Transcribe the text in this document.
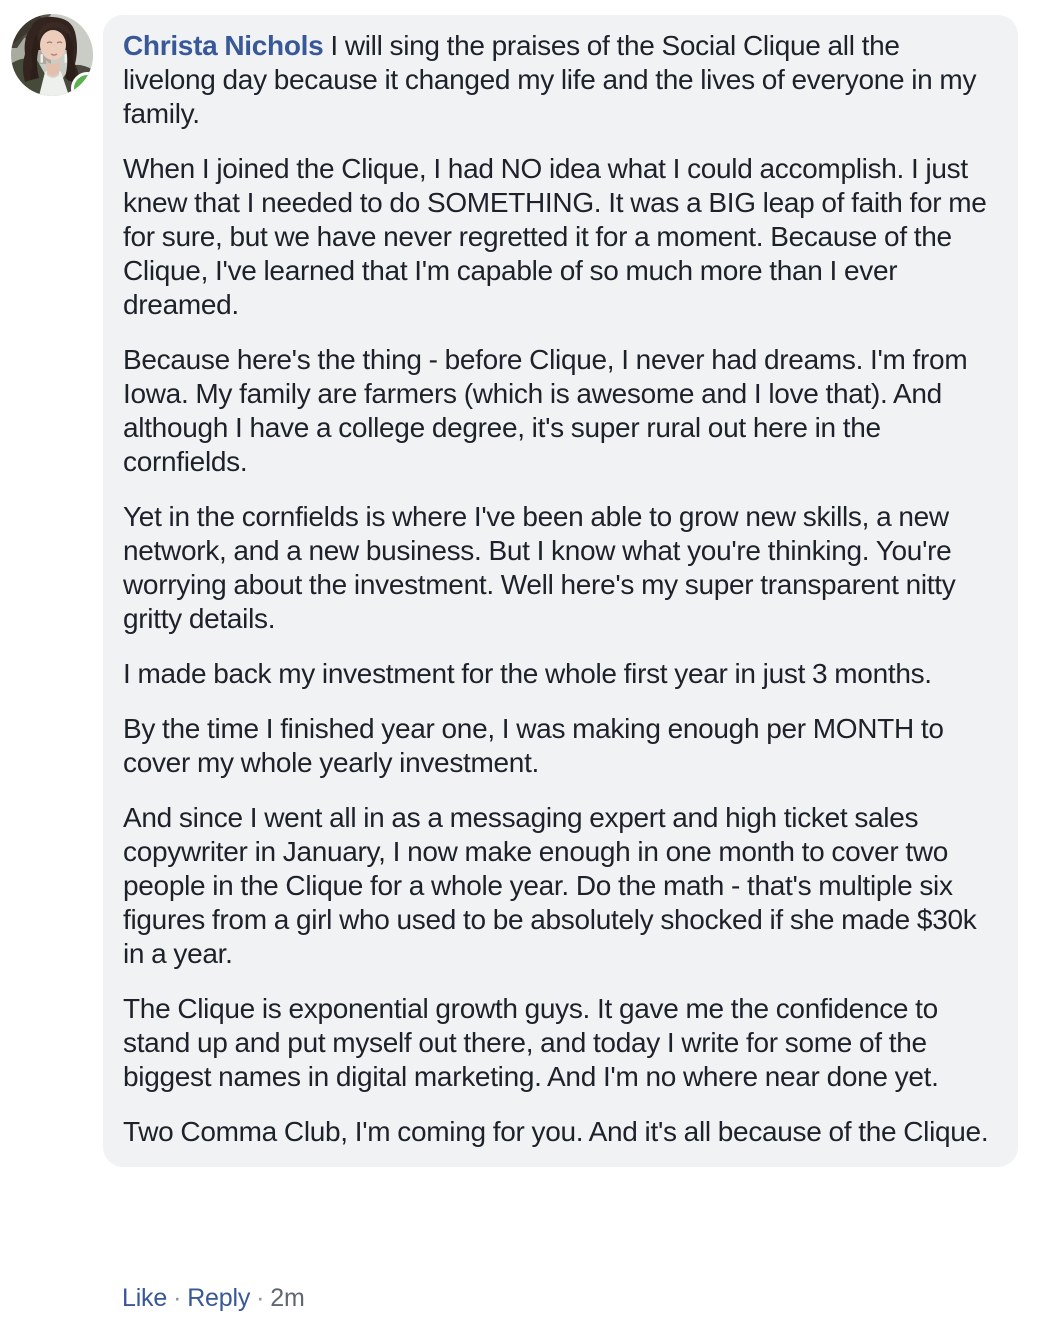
Christa Nichols I will sing the praises of the Social Clique all the livelong day because it changed my life and the lives of everyone in my family.

When I joined the Clique, I had NO idea what I could accomplish. I just knew that I needed to do SOMETHING. It was a BIG leap of faith for me for sure, but we have never regretted it for a moment. Because of the Clique, I've learned that I'm capable of so much more than I ever dreamed.

Because here's the thing - before Clique, I never had dreams. I'm from Iowa. My family are farmers (which is awesome and I love that). And although I have a college degree, it's super rural out here in the cornfields.

Yet in the cornfields is where I've been able to grow new skills, a new network, and a new business. But I know what you're thinking. You're worrying about the investment. Well here's my super transparent nitty gritty details.

I made back my investment for the whole first year in just 3 months.

By the time I finished year one, I was making enough per MONTH to cover my whole yearly investment.

And since I went all in as a messaging expert and high ticket sales copywriter in January, I now make enough in one month to cover two people in the Clique for a whole year. Do the math - that's multiple six figures from a girl who used to be absolutely shocked if she made $30k in a year.

The Clique is exponential growth guys. It gave me the confidence to stand up and put myself out there, and today I write for some of the biggest names in digital marketing. And I'm no where near done yet.

Two Comma Club, I'm coming for you. And it's all because of the Clique.

Like · Reply · 2m
